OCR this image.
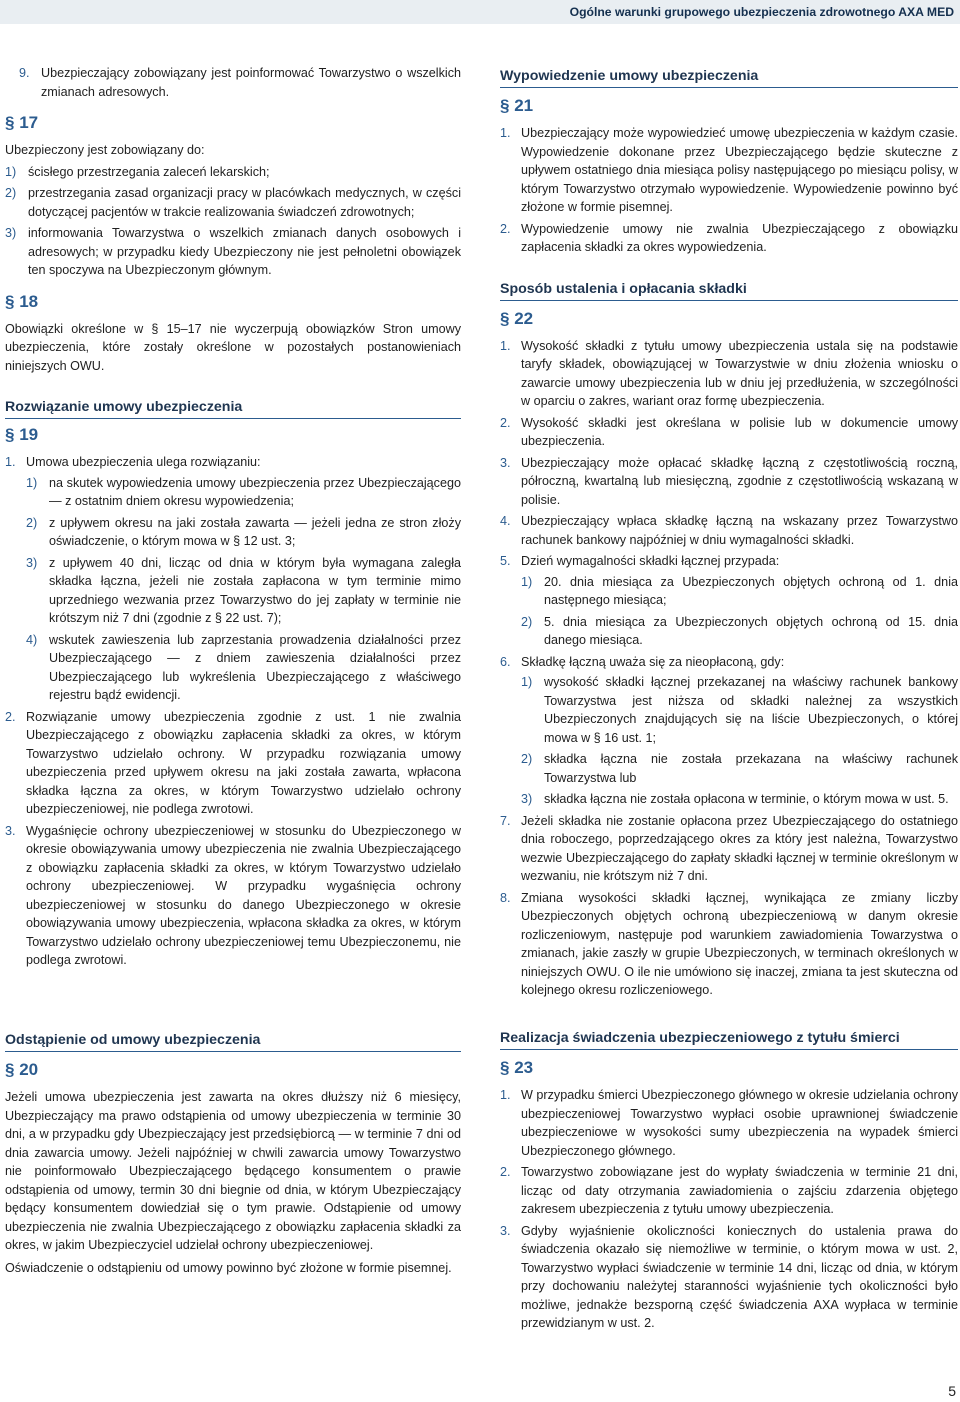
Ogólne warunki grupowego ubezpieczenia zdrowotnego AXA MED
9. Ubezpieczający zobowiązany jest poinformować Towarzystwo o wszelkich zmianach adresowych.
§ 17
Ubezpieczony jest zobowiązany do:
1) ścisłego przestrzegania zaleceń lekarskich;
2) przestrzegania zasad organizacji pracy w placówkach medycznych, w części dotyczącej pacjentów w trakcie realizowania świadczeń zdrowotnych;
3) informowania Towarzystwa o wszelkich zmianach danych osobowych i adresowych; w przypadku kiedy Ubezpieczony nie jest pełnoletni obowiązek ten spoczywa na Ubezpieczonym głównym.
§ 18
Obowiązki określone w § 15–17 nie wyczerpują obowiązków Stron umowy ubezpieczenia, które zostały określone w pozostałych postanowieniach niniejszych OWU.
Rozwiązanie umowy ubezpieczenia
§ 19
1. Umowa ubezpieczenia ulega rozwiązaniu:
1) na skutek wypowiedzenia umowy ubezpieczenia przez Ubezpieczającego — z ostatnim dniem okresu wypowiedzenia;
2) z upływem okresu na jaki została zawarta — jeżeli jedna ze stron złoży oświadczenie, o którym mowa w § 12 ust. 3;
3) z upływem 40 dni, licząc od dnia w którym była wymagana zaległa składka łączna, jeżeli nie została zapłacona w tym terminie mimo uprzedniego wezwania przez Towarzystwo do jej zapłaty w terminie nie krótszym niż 7 dni (zgodnie z § 22 ust. 7);
4) wskutek zawieszenia lub zaprzestania prowadzenia działalności przez Ubezpieczającego — z dniem zawieszenia działalności przez Ubezpieczającego lub wykreślenia Ubezpieczającego z właściwego rejestru bądź ewidencji.
2. Rozwiązanie umowy ubezpieczenia zgodnie z ust. 1 nie zwalnia Ubezpieczającego z obowiązku zapłacenia składki za okres, w którym Towarzystwo udzielało ochrony. W przypadku rozwiązania umowy ubezpieczenia przed upływem okresu na jaki została zawarta, wpłacona składka łączna za okres, w którym Towarzystwo udzielało ochrony ubezpieczeniowej, nie podlega zwrotowi.
3. Wygaśnięcie ochrony ubezpieczeniowej w stosunku do Ubezpieczonego w okresie obowiązywania umowy ubezpieczenia nie zwalnia Ubezpieczającego z obowiązku zapłacenia składki za okres, w którym Towarzystwo udzielało ochrony ubezpieczeniowej. W przypadku wygaśnięcia ochrony ubezpieczeniowej w stosunku do danego Ubezpieczonego w okresie obowiązywania umowy ubezpieczenia, wpłacona składka za okres, w którym Towarzystwo udzielało ochrony ubezpieczeniowej temu Ubezpieczonemu, nie podlega zwrotowi.
Odstąpienie od umowy ubezpieczenia
§ 20
Jeżeli umowa ubezpieczenia jest zawarta na okres dłuższy niż 6 miesięcy, Ubezpieczający ma prawo odstąpienia od umowy ubezpieczenia w terminie 30 dni, a w przypadku gdy Ubezpieczający jest przedsiębiorcą — w terminie 7 dni od dnia zawarcia umowy. Jeżeli najpóźniej w chwili zawarcia umowy Towarzystwo nie poinformowało Ubezpieczającego będącego konsumentem o prawie odstąpienia od umowy, termin 30 dni biegnie od dnia, w którym Ubezpieczający będący konsumentem dowiedział się o tym prawie. Odstąpienie od umowy ubezpieczenia nie zwalnia Ubezpieczającego z obowiązku zapłacenia składki za okres, w jakim Ubezpieczyciel udzielał ochrony ubezpieczeniowej.
Oświadczenie o odstąpieniu od umowy powinno być złożone w formie pisemnej.
Wypowiedzenie umowy ubezpieczenia
§ 21
1. Ubezpieczający może wypowiedzieć umowę ubezpieczenia w każdym czasie. Wypowiedzenie dokonane przez Ubezpieczającego będzie skuteczne z upływem ostatniego dnia miesiąca polisy następującego po miesiącu polisy, w którym Towarzystwo otrzymało wypowiedzenie. Wypowiedzenie powinno być złożone w formie pisemnej.
2. Wypowiedzenie umowy nie zwalnia Ubezpieczającego z obowiązku zapłacenia składki za okres wypowiedzenia.
Sposób ustalenia i opłacania składki
§ 22
1. Wysokość składki z tytułu umowy ubezpieczenia ustala się na podstawie taryfy składek, obowiązującej w Towarzystwie w dniu złożenia wniosku o zawarcie umowy ubezpieczenia lub w dniu jej przedłużenia, w szczególności w oparciu o zakres, wariant oraz formę ubezpieczenia.
2. Wysokość składki jest określana w polisie lub w dokumencie umowy ubezpieczenia.
3. Ubezpieczający może opłacać składkę łączną z częstotliwością roczną, półroczną, kwartalną lub miesięczną, zgodnie z częstotliwością wskazaną w polisie.
4. Ubezpieczający wpłaca składkę łączną na wskazany przez Towarzystwo rachunek bankowy najpóźniej w dniu wymagalności składki.
5. Dzień wymagalności składki łącznej przypada:
1) 20. dnia miesiąca za Ubezpieczonych objętych ochroną od 1. dnia następnego miesiąca;
2) 5. dnia miesiąca za Ubezpieczonych objętych ochroną od 15. dnia danego miesiąca.
6. Składkę łączną uważa się za nieopłaconą, gdy:
1) wysokość składki łącznej przekazanej na właściwy rachunek bankowy Towarzystwa jest niższa od składki należnej za wszystkich Ubezpieczonych znajdujących się na liście Ubezpieczonych, o której mowa w § 16 ust. 1;
2) składka łączna nie została przekazana na właściwy rachunek Towarzystwa lub
3) składka łączna nie została opłacona w terminie, o którym mowa w ust. 5.
7. Jeżeli składka nie zostanie opłacona przez Ubezpieczającego do ostatniego dnia roboczego, poprzedzającego okres za który jest należna, Towarzystwo wezwie Ubezpieczającego do zapłaty składki łącznej w terminie określonym w wezwaniu, nie krótszym niż 7 dni.
8. Zmiana wysokości składki łącznej, wynikająca ze zmiany liczby Ubezpieczonych objętych ochroną ubezpieczeniową w danym okresie rozliczeniowym, następuje pod warunkiem zawiadomienia Towarzystwa o zmianach, jakie zaszły w grupie Ubezpieczonych, w terminach określonych w niniejszych OWU. O ile nie umówiono się inaczej, zmiana ta jest skuteczna od kolejnego okresu rozliczeniowego.
Realizacja świadczenia ubezpieczeniowego z tytułu śmierci
§ 23
1. W przypadku śmierci Ubezpieczonego głównego w okresie udzielania ochrony ubezpieczeniowej Towarzystwo wypłaci osobie uprawnionej świadczenie ubezpieczeniowe w wysokości sumy ubezpieczenia na wypadek śmierci Ubezpieczonego głównego.
2. Towarzystwo zobowiązane jest do wypłaty świadczenia w terminie 21 dni, licząc od daty otrzymania zawiadomienia o zajściu zdarzenia objętego zakresem ubezpieczenia z tytułu umowy ubezpieczenia.
3. Gdyby wyjaśnienie okoliczności koniecznych do ustalenia prawa do świadczenia okazało się niemożliwe w terminie, o którym mowa w ust. 2, Towarzystwo wypłaci świadczenie w terminie 14 dni, licząc od dnia, w którym przy dochowaniu należytej staranności wyjaśnienie tych okoliczności było możliwe, jednakże bezsporną część świadczenia AXA wypłaca w terminie przewidzianym w ust. 2.
5
